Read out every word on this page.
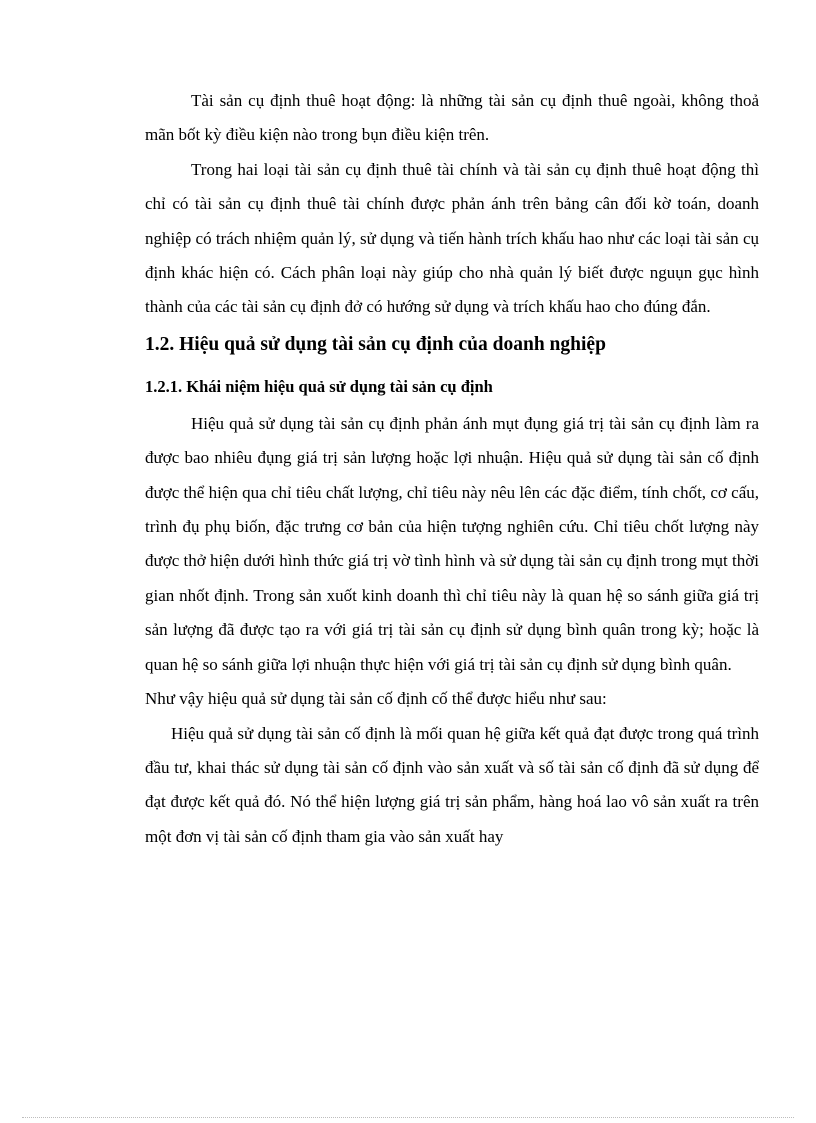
Tài sản cụ định thuê hoạt động: là những tài sản cụ định thuê ngoài, không thoả mãn bốt kỳ điều kiện nào trong bụn điều kiện trên.

Trong hai loại tài sản cụ định thuê tài chính và tài sản cụ định thuê hoạt động thì chỉ có tài sản cụ định thuê tài chính được phản ánh trên bảng cân đối kờ toán, doanh nghiệp có trách nhiệm quản lý, sử dụng và tiến hành trích khấu hao như các loại tài sản cụ định khác hiện có. Cách phân loại này giúp cho nhà quản lý biết được nguụn gục hình thành của các tài sản cụ định đở có hướng sử dụng và trích khấu hao cho đúng đắn.

1.2. Hiệu quả sử dụng tài sản cụ định của doanh nghiệp

1.2.1. Khái niệm hiệu quả sử dụng tài sản cụ định

Hiệu quả sử dụng tài sản cụ định phản ánh mụt đụng giá trị tài sản cụ định làm ra được bao nhiêu đụng giá trị sản lượng hoặc lợi nhuận. Hiệu quả sử dụng tài sản cố định được thể hiện qua chỉ tiêu chất lượng, chỉ tiêu này nêu lên các đặc điểm, tính chốt, cơ cấu, trình đụ phụ biốn, đặc trưng cơ bản của hiện tượng nghiên cứu. Chỉ tiêu chốt lượng này được thở hiện dưới hình thức giá trị vờ tình hình và sử dụng tài sản cụ định trong mụt thời gian nhốt định. Trong sản xuốt kinh doanh thì chỉ tiêu này là quan hệ so sánh giữa giá trị sản lượng đã được tạo ra với giá trị tài sản cụ định sử dụng bình quân trong kỳ; hoặc là quan hệ so sánh giữa lợi nhuận thực hiện với giá trị tài sản cụ định sử dụng bình quân.

Như vậy hiệu quả sử dụng tài sản cố định cố thể được hiểu như sau:

Hiệu quả sử dụng tài sản cố định là mối quan hệ giữa kết quả đạt được trong quá trình đầu tư, khai thác sử dụng tài sản cố định vào sản xuất và số tài sản cố định đã sử dụng để đạt được kết quả đó. Nó thể hiện lượng giá trị sản phẩm, hàng hoá lao vô sản xuất ra trên một đơn vị tài sản cố định tham gia vào sản xuất hay
